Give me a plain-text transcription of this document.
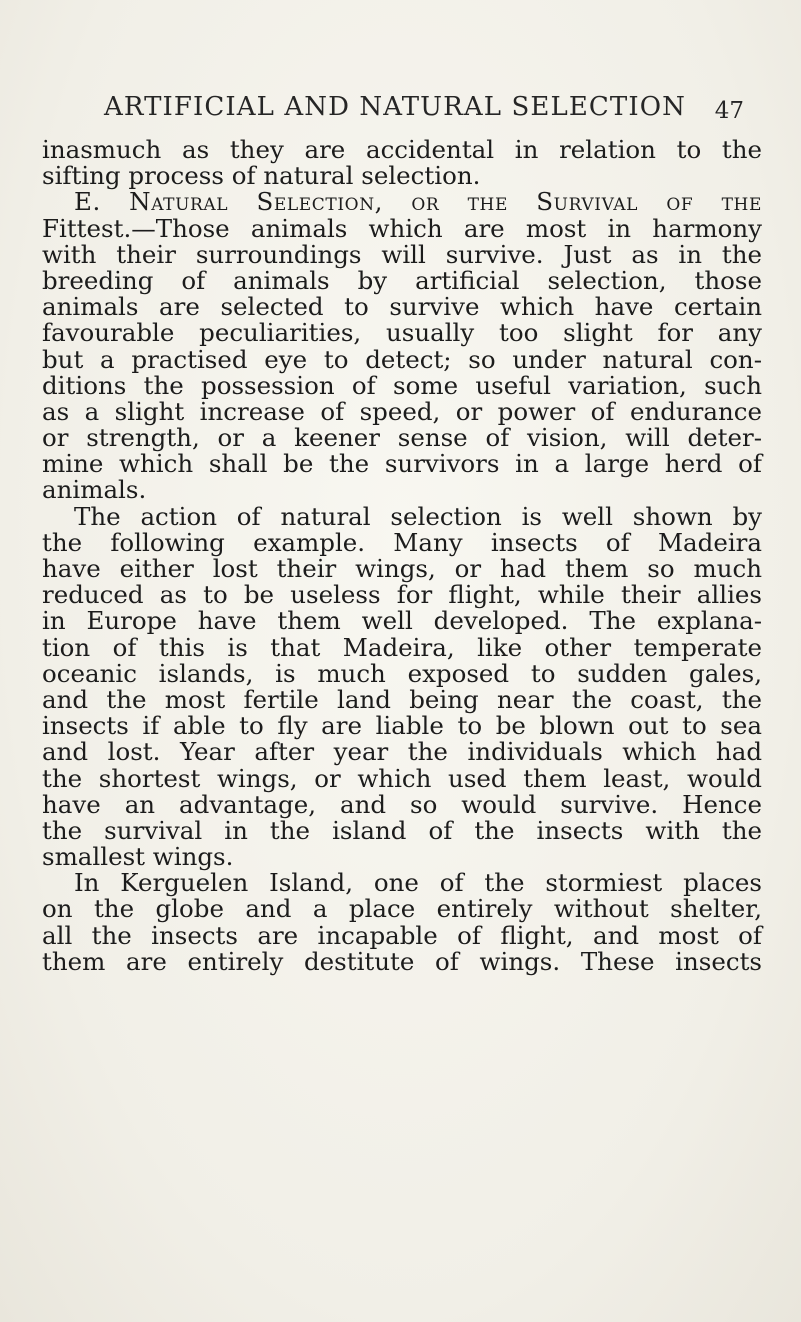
ARTIFICIAL AND NATURAL SELECTION 47
inasmuch as they are accidental in relation to the
sifting process of natural selection.
E. Natural Selection, or the Survival of the
Fittest.—Those animals which are most in harmony
with their surroundings will survive. Just as in the
breeding of animals by artificial selection, those
animals are selected to survive which have certain
favourable peculiarities, usually too slight for any
but a practised eye to detect; so under natural con-
ditions the possession of some useful variation, such
as a slight increase of speed, or power of endurance
or strength, or a keener sense of vision, will deter-
mine which shall be the survivors in a large herd of
animals.
The action of natural selection is well shown by
the following example. Many insects of Madeira
have either lost their wings, or had them so much
reduced as to be useless for flight, while their allies
in Europe have them well developed. The explana-
tion of this is that Madeira, like other temperate
oceanic islands, is much exposed to sudden gales,
and the most fertile land being near the coast, the
insects if able to fly are liable to be blown out to sea
and lost. Year after year the individuals which had
the shortest wings, or which used them least, would
have an advantage, and so would survive. Hence
the survival in the island of the insects with the
smallest wings.
In Kerguelen Island, one of the stormiest places
on the globe and a place entirely without shelter,
all the insects are incapable of flight, and most of
them are entirely destitute of wings. These insects
